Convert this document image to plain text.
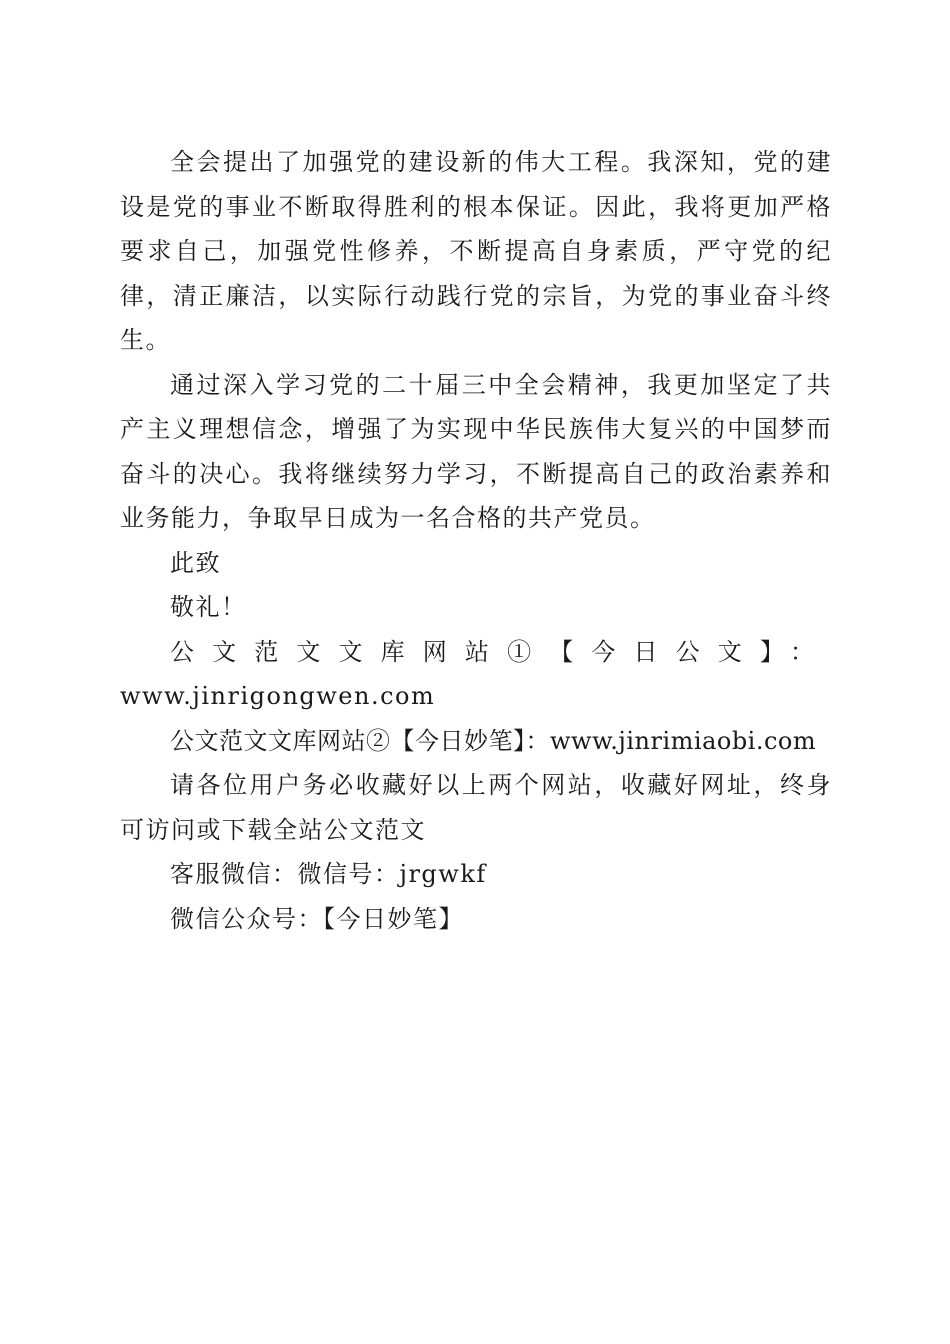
全会提出了加强党的建设新的伟大工程。我深知，党的建设是党的事业不断取得胜利的根本保证。因此，我将更加严格要求自己，加强党性修养，不断提高自身素质，严守党的纪律，清正廉洁，以实际行动践行党的宗旨，为党的事业奋斗终生。

通过深入学习党的二十届三中全会精神，我更加坚定了共产主义理想信念，增强了为实现中华民族伟大复兴的中国梦而奋斗的决心。我将继续努力学习，不断提高自己的政治素养和业务能力，争取早日成为一名合格的共产党员。

此致

敬礼！

公文范文文库网站①【今日公文】：

www.jinrigongwen.com

公文范文文库网站②【今日妙笔】：www.jinrimiaobi.com

请各位用户务必收藏好以上两个网站，收藏好网址，终身可访问或下载全站公文范文

客服微信：微信号：jrgwkf

微信公众号：【今日妙笔】
